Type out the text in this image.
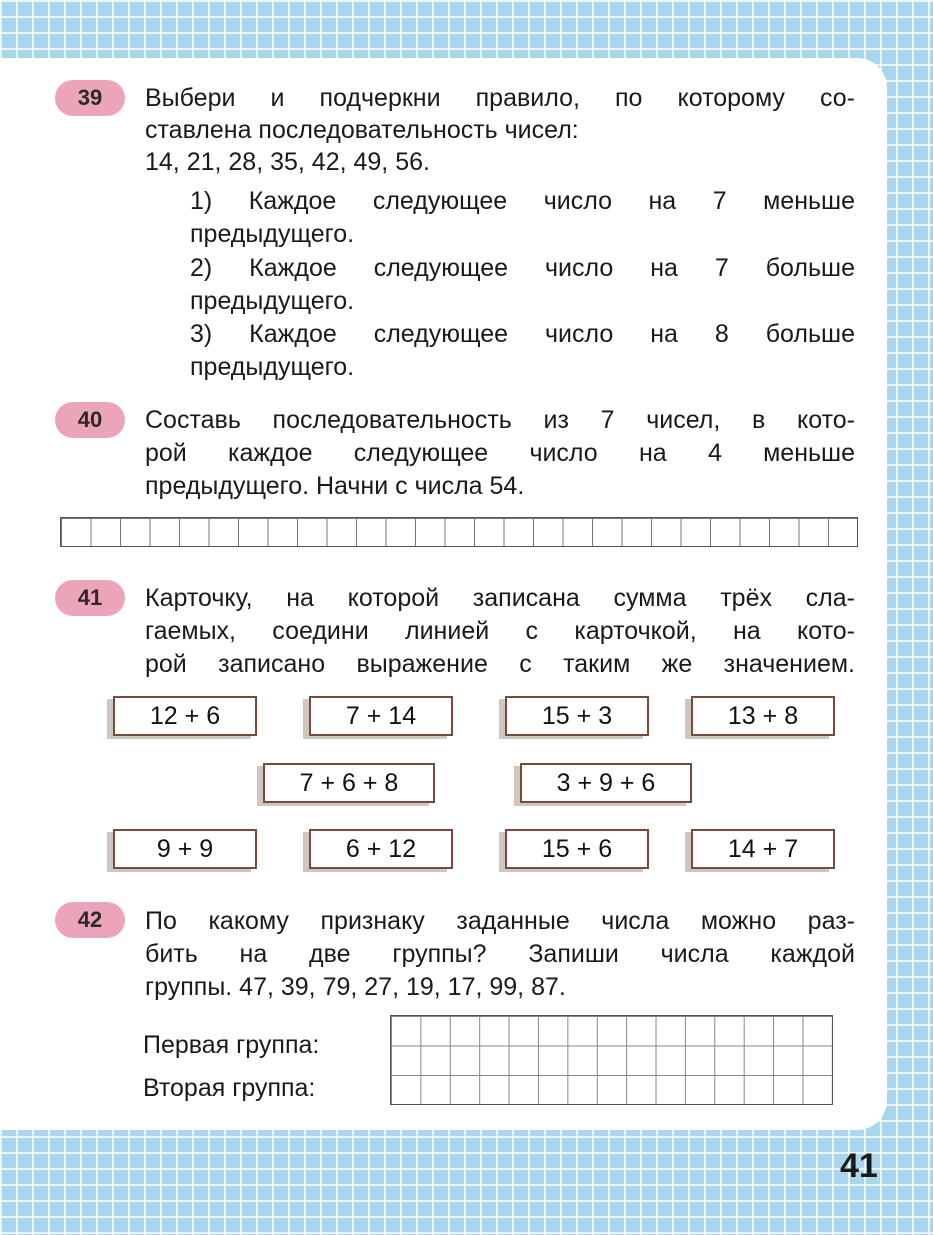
39	Выбери и подчеркни правило, по которому со-
ставлена последовательность чисел:
14, 21, 28, 35, 42, 49, 56.
1) Каждое следующее число на 7 меньше
предыдущего.
2) Каждое следующее число на 7 больше
предыдущего.
3) Каждое следующее число на 8 больше
предыдущего.
40	Составь последовательность из 7 чисел, в кото-
рой каждое следующее число на 4 меньше
предыдущего. Начни с числа 54.
41	Карточку, на которой записана сумма трёх сла-
гаемых, соедини линией с карточкой, на кото-
рой записано выражение с таким же значением.
12 + 6	7 + 14	15 + 3	13 + 8
7 + 6 + 8	3 + 9 + 6
9 + 9	6 + 12	15 + 6	14 + 7
42	По какому признаку заданные числа можно раз-
бить на две группы? Запиши числа каждой
группы. 47, 39, 79, 27, 19, 17, 99, 87.
Первая группа:
Вторая группа:
41
